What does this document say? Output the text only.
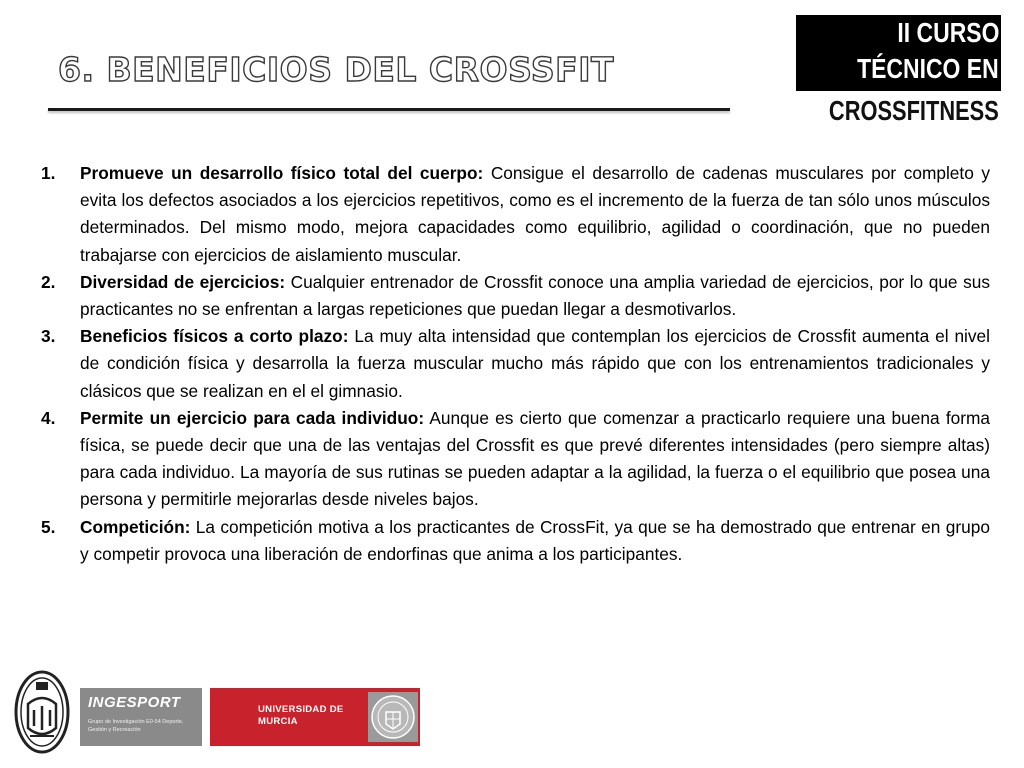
6. BENEFICIOS DEL CROSSFIT
II CURSO
TÉCNICO EN
CROSSFITNESS
1. Promueve un desarrollo físico total del cuerpo: Consigue el desarrollo de cadenas musculares por completo y evita los defectos asociados a los ejercicios repetitivos, como es el incremento de la fuerza de tan sólo unos músculos determinados. Del mismo modo, mejora capacidades como equilibrio, agilidad o coordinación, que no pueden trabajarse con ejercicios de aislamiento muscular.
2. Diversidad de ejercicios: Cualquier entrenador de Crossfit conoce una amplia variedad de ejercicios, por lo que sus practicantes no se enfrentan a largas repeticiones que puedan llegar a desmotivarlos.
3. Beneficios físicos a corto plazo: La muy alta intensidad que contemplan los ejercicios de Crossfit aumenta el nivel de condición física y desarrolla la fuerza muscular mucho más rápido que con los entrenamientos tradicionales y clásicos que se realizan en el el gimnasio.
4. Permite un ejercicio para cada individuo: Aunque es cierto que comenzar a practicarlo requiere una buena forma física, se puede decir que una de las ventajas del Crossfit es que prevé diferentes intensidades (pero siempre altas) para cada individuo. La mayoría de sus rutinas se pueden adaptar a la agilidad, la fuerza o el equilibrio que posea una persona y permitirle mejorarlas desde niveles bajos.
5. Competición: La competición motiva a los practicantes de CrossFit, ya que se ha demostrado que entrenar en grupo y competir provoca una liberación de endorfinas que anima a los participantes.
INGESPORT
Grupo de Investigación E0-54 Deporte, Gestión y Recreación
UNIVERSIDAD DE
MURCIA
